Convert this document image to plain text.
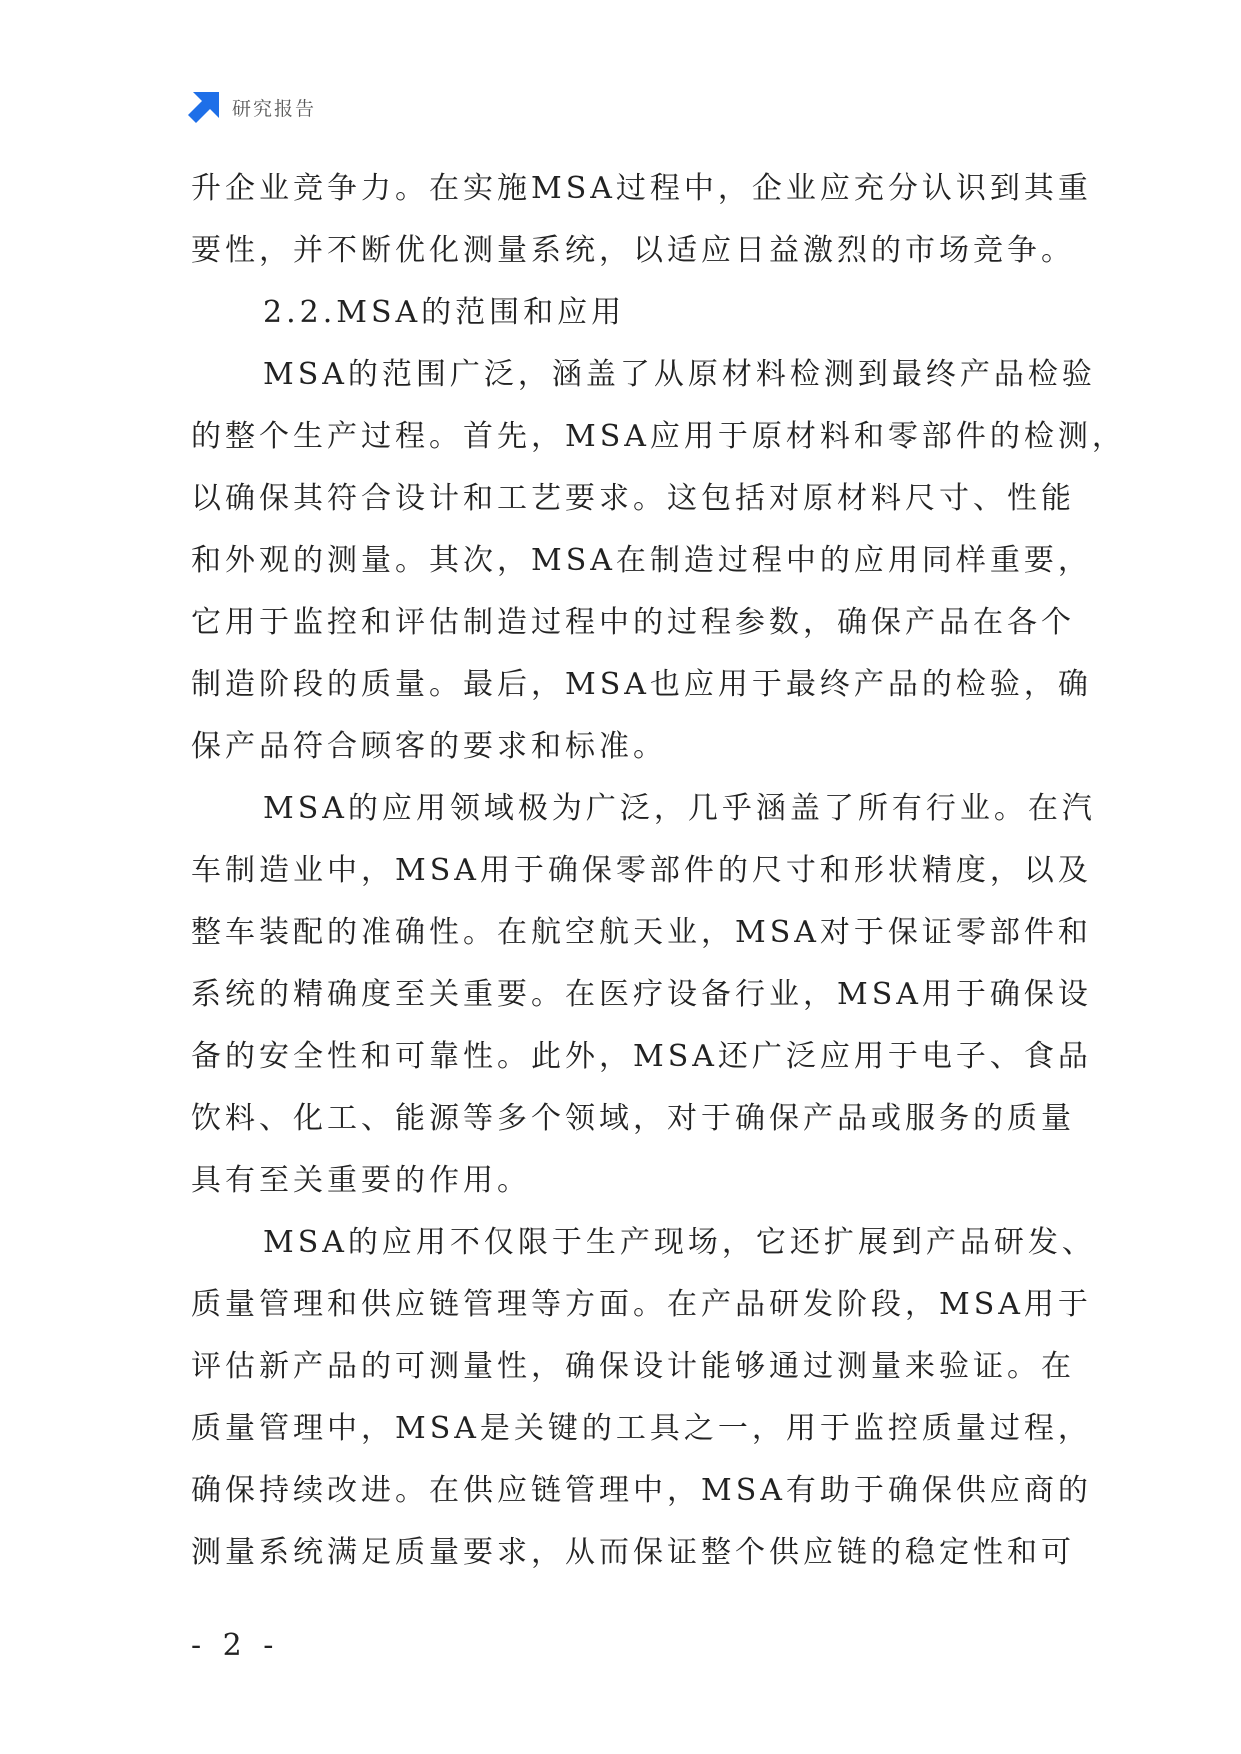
研究报告
升企业竞争力。在实施MSA过程中，企业应充分认识到其重
要性，并不断优化测量系统，以适应日益激烈的市场竞争。
2.2.MSA的范围和应用
MSA的范围广泛，涵盖了从原材料检测到最终产品检验
的整个生产过程。首先，MSA应用于原材料和零部件的检测，
以确保其符合设计和工艺要求。这包括对原材料尺寸、性能
和外观的测量。其次，MSA在制造过程中的应用同样重要，
它用于监控和评估制造过程中的过程参数，确保产品在各个
制造阶段的质量。最后，MSA也应用于最终产品的检验，确
保产品符合顾客的要求和标准。
MSA的应用领域极为广泛，几乎涵盖了所有行业。在汽
车制造业中，MSA用于确保零部件的尺寸和形状精度，以及
整车装配的准确性。在航空航天业，MSA对于保证零部件和
系统的精确度至关重要。在医疗设备行业，MSA用于确保设
备的安全性和可靠性。此外，MSA还广泛应用于电子、食品
饮料、化工、能源等多个领域，对于确保产品或服务的质量
具有至关重要的作用。
MSA的应用不仅限于生产现场，它还扩展到产品研发、
质量管理和供应链管理等方面。在产品研发阶段，MSA用于
评估新产品的可测量性，确保设计能够通过测量来验证。在
质量管理中，MSA是关键的工具之一，用于监控质量过程，
确保持续改进。在供应链管理中，MSA有助于确保供应商的
测量系统满足质量要求，从而保证整个供应链的稳定性和可
- 2 -
